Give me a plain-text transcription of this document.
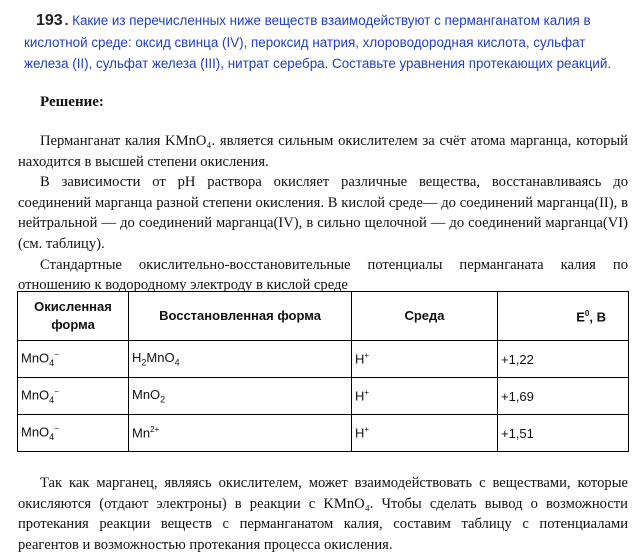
193 . Какие из перечисленных ниже веществ взаимодействуют с перманганатом калия в кислотной среде: оксид свинца (IV), пероксид натрия, хлороводородная кислота, сульфат железа (II), сульфат железа (III), нитрат серебра. Составьте уравнения протекающих реакций.
Решение:

Перманганат калия KMnO₄. является сильным окислителем за счёт атома марганца, который находится в высшей степени окисления.

В зависимости от pH раствора окисляет различные вещества, восстанавливаясь до соединений марганца разной степени окисления. В кислой среде— до соединений марганца(II), в нейтральной — до соединений марганца(IV), в сильно щелочной — до соединений марганца(VI) (см. таблицу).

Стандартные окислительно-восстановительные потенциалы перманганата калия по отношению к водородному электроду в кислой среде

Окисленная форма	Восстановленная форма	Среда	$E^0$, В
MnO$_4$−	$H_2MnO_4$	H+	+1,22
MnO$_4$−	MnO$_2$	H+	+1,69
MnO$_4$−	$Mn^{2+}$	H+	+1,51

Так как марганец, являясь окислителем, может взаимодействовать с веществами, которые окисляются (отдают электроны) в реакции с KMnO₄. Чтобы сделать вывод о возможности протекания реакции веществ с перманганатом калия, составим таблицу с потенциалами реагентов и возможностью протекания процесса окисления.
